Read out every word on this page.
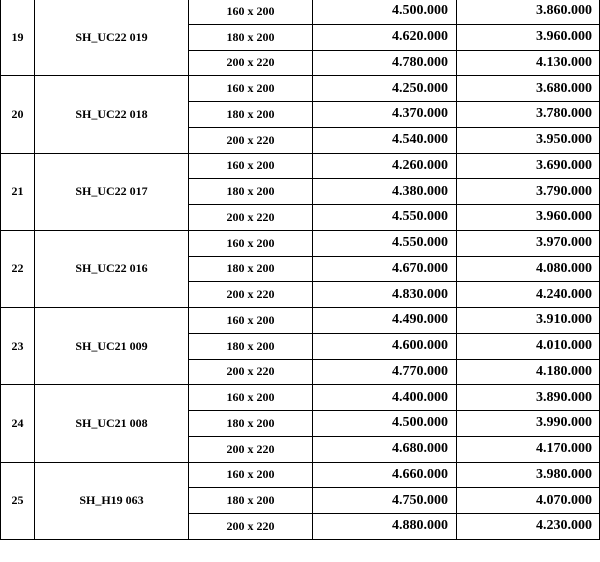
19	SH_UC22 019	160 x 200	4.500.000	3.860.000
		180 x 200	4.620.000	3.960.000
		200 x 220	4.780.000	4.130.000
20	SH_UC22 018	160 x 200	4.250.000	3.680.000
		180 x 200	4.370.000	3.780.000
		200 x 220	4.540.000	3.950.000
21	SH_UC22 017	160 x 200	4.260.000	3.690.000
		180 x 200	4.380.000	3.790.000
		200 x 220	4.550.000	3.960.000
22	SH_UC22 016	160 x 200	4.550.000	3.970.000
		180 x 200	4.670.000	4.080.000
		200 x 220	4.830.000	4.240.000
23	SH_UC21 009	160 x 200	4.490.000	3.910.000
		180 x 200	4.600.000	4.010.000
		200 x 220	4.770.000	4.180.000
24	SH_UC21 008	160 x 200	4.400.000	3.890.000
		180 x 200	4.500.000	3.990.000
		200 x 220	4.680.000	4.170.000
25	SH_H19 063	160 x 200	4.660.000	3.980.000
		180 x 200	4.750.000	4.070.000
		200 x 220	4.880.000	4.230.000
